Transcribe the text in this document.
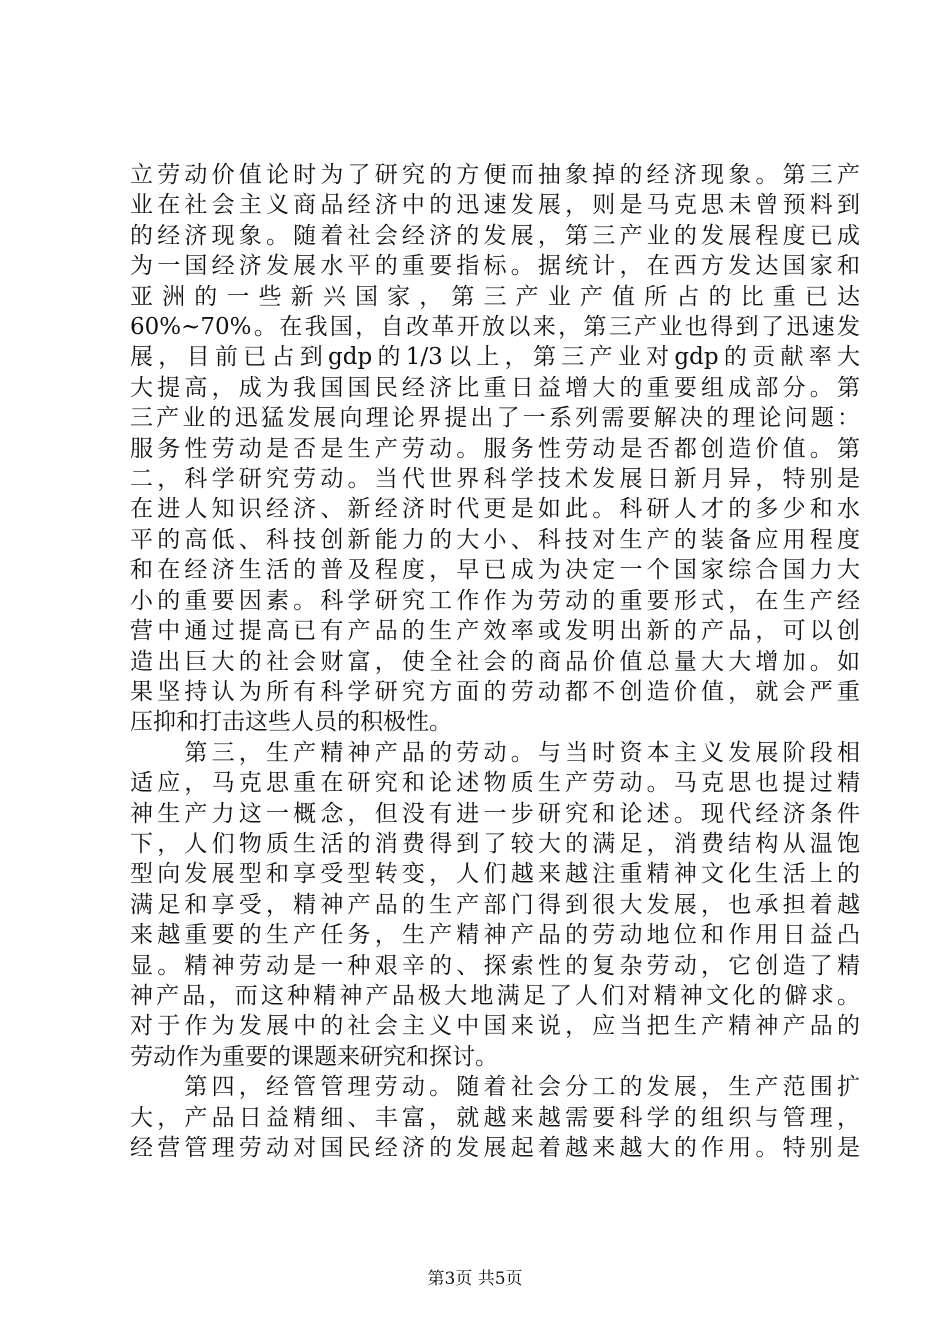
立劳动价值论时为了研究的方便而抽象掉的经济现象。第三产
业在社会主义商品经济中的迅速发展，则是马克思未曾预料到
的经济现象。随着社会经济的发展，第三产业的发展程度已成
为一国经济发展水平的重要指标。据统计，在西方发达国家和
亚洲的一些新兴国家，第三产业产值所占的比重已达
60%~70%。在我国，自改革开放以来，第三产业也得到了迅速发
展，目前已占到gdp的1/3以上，第三产业对gdp的贡献率大
大提高，成为我国国民经济比重日益增大的重要组成部分。第
三产业的迅猛发展向理论界提出了一系列需要解决的理论问题：
服务性劳动是否是生产劳动。服务性劳动是否都创造价值。第
二，科学研究劳动。当代世界科学技术发展日新月异，特别是
在进人知识经济、新经济时代更是如此。科研人才的多少和水
平的高低、科技创新能力的大小、科技对生产的装备应用程度
和在经济生活的普及程度，早已成为决定一个国家综合国力大
小的重要因素。科学研究工作作为劳动的重要形式，在生产经
营中通过提高已有产品的生产效率或发明出新的产品，可以创
造出巨大的社会财富，使全社会的商品价值总量大大增加。如
果坚持认为所有科学研究方面的劳动都不创造价值，就会严重
压抑和打击这些人员的积极性。
　　第三，生产精神产品的劳动。与当时资本主义发展阶段相
适应，马克思重在研究和论述物质生产劳动。马克思也提过精
神生产力这一概念，但没有进一步研究和论述。现代经济条件
下，人们物质生活的消费得到了较大的满足，消费结构从温饱
型向发展型和享受型转变，人们越来越注重精神文化生活上的
满足和享受，精神产品的生产部门得到很大发展，也承担着越
来越重要的生产任务，生产精神产品的劳动地位和作用日益凸
显。精神劳动是一种艰辛的、探索性的复杂劳动，它创造了精
神产品，而这种精神产品极大地满足了人们对精神文化的僻求。
对于作为发展中的社会主义中国来说，应当把生产精神产品的
劳动作为重要的课题来研究和探讨。
　　第四，经管管理劳动。随着社会分工的发展，生产范围扩
大，产品日益精细、丰富，就越来越需要科学的组织与管理，
经营管理劳动对国民经济的发展起着越来越大的作用。特别是
第3页 共5页
